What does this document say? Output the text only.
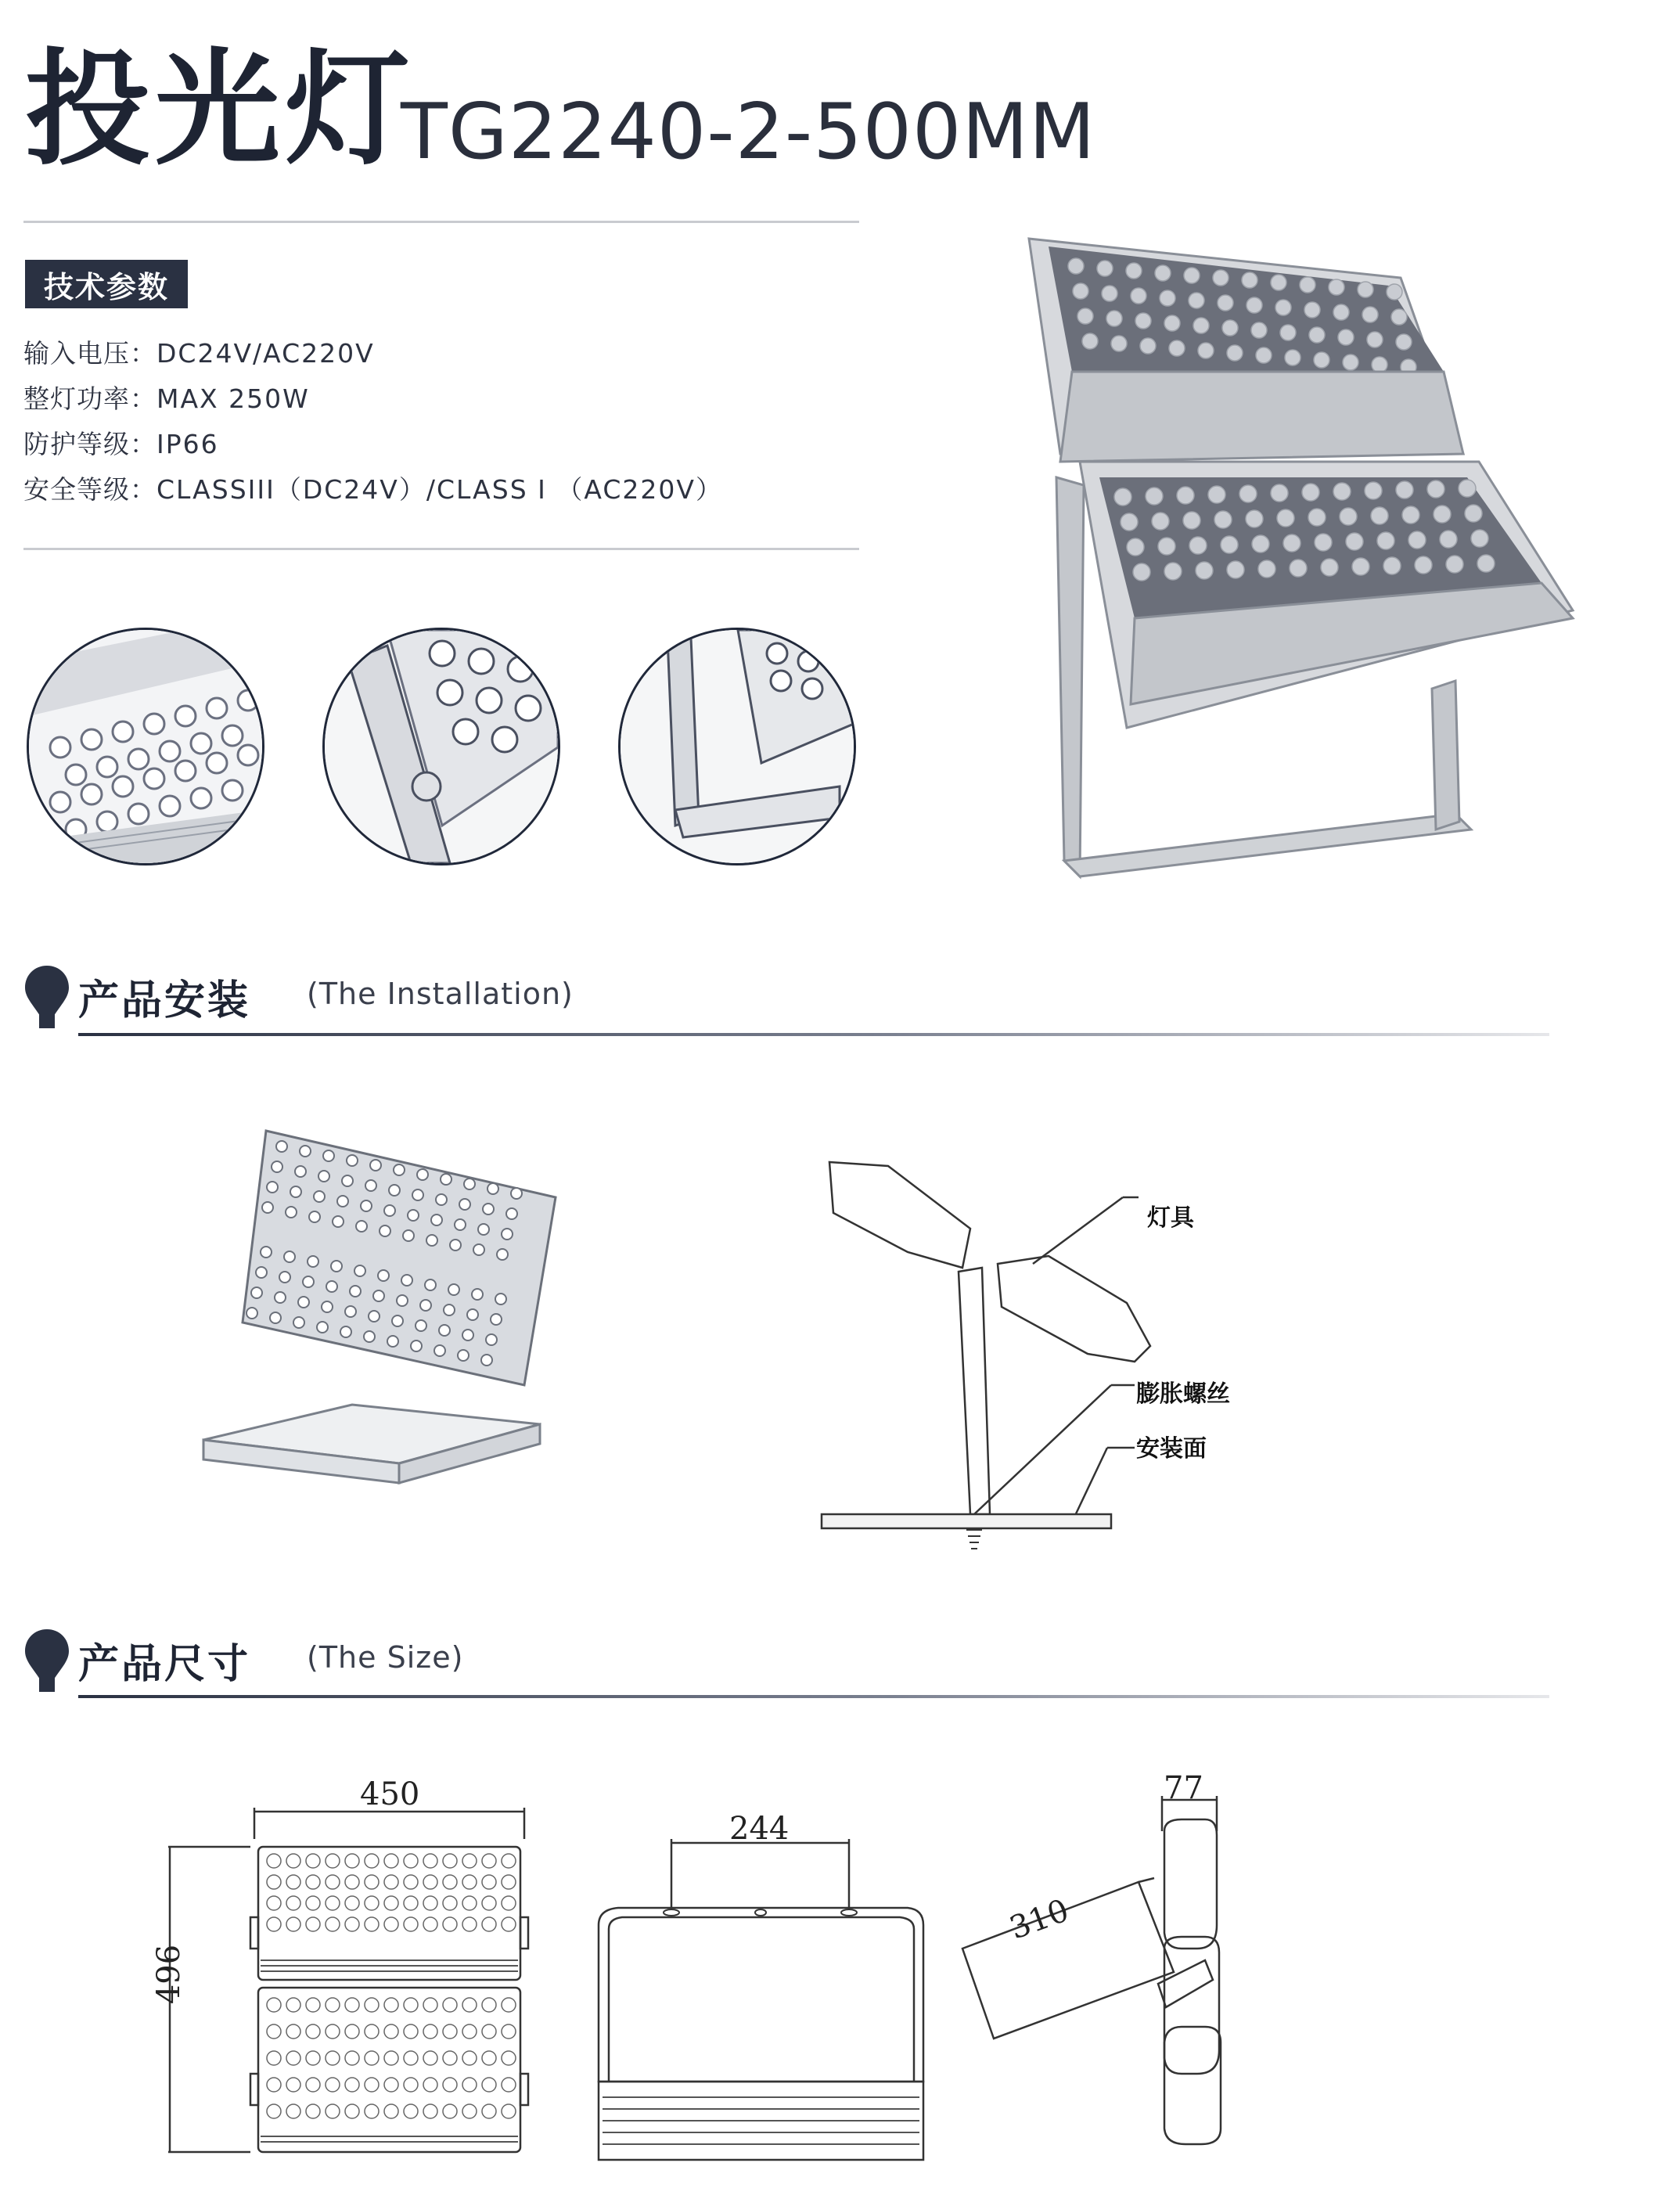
投光灯
TG2240-2-500MM
技术参数
输入电压：DC24V/AC220V
整灯功率：MAX 250W
防护等级：IP66
安全等级：CLASSIII（DC24V）/CLASS I （AC220V）
产品安装 (The Installation)
灯具
膨胀螺丝
安装面
产品尺寸 (The Size)
450
496
244
310
77
